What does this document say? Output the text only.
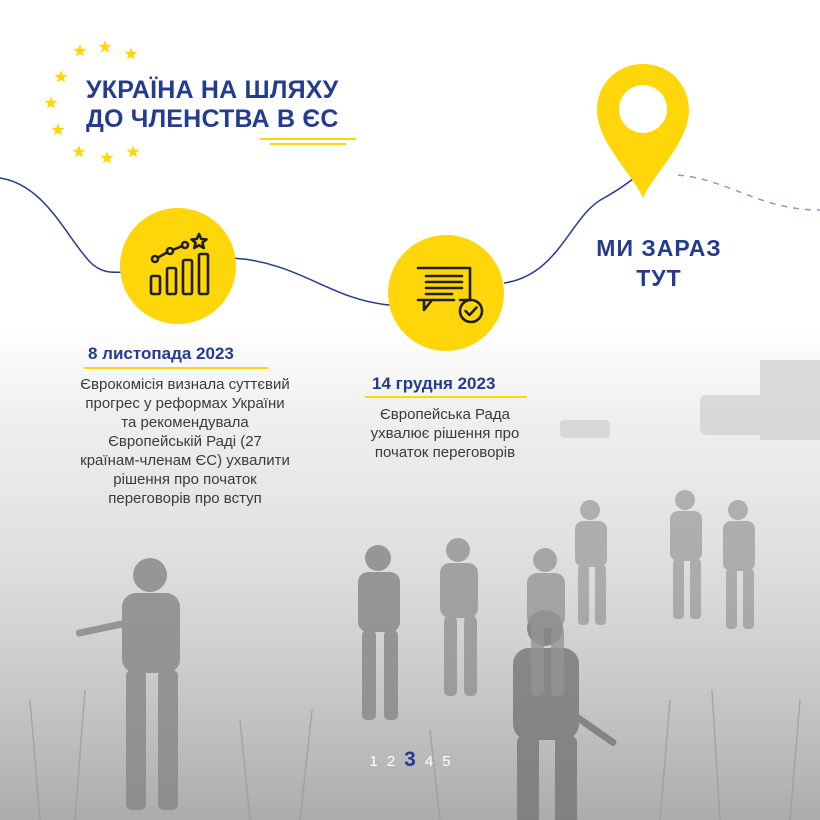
УКРАЇНА НА ШЛЯХУ
ДО ЧЛЕНСТВА В ЄС
8 листопада 2023

Єврокомісія визнала суттєвий
прогрес у реформах України
та рекомендувала
Європейській Раді (27
країнам-членам ЄС) ухвалити
рішення про початок
переговорів про вступ

14 грудня 2023

Європейська Рада
ухвалює рішення про
початок переговорів

МИ ЗАРАЗ
ТУТ
1 2 3 4 5
